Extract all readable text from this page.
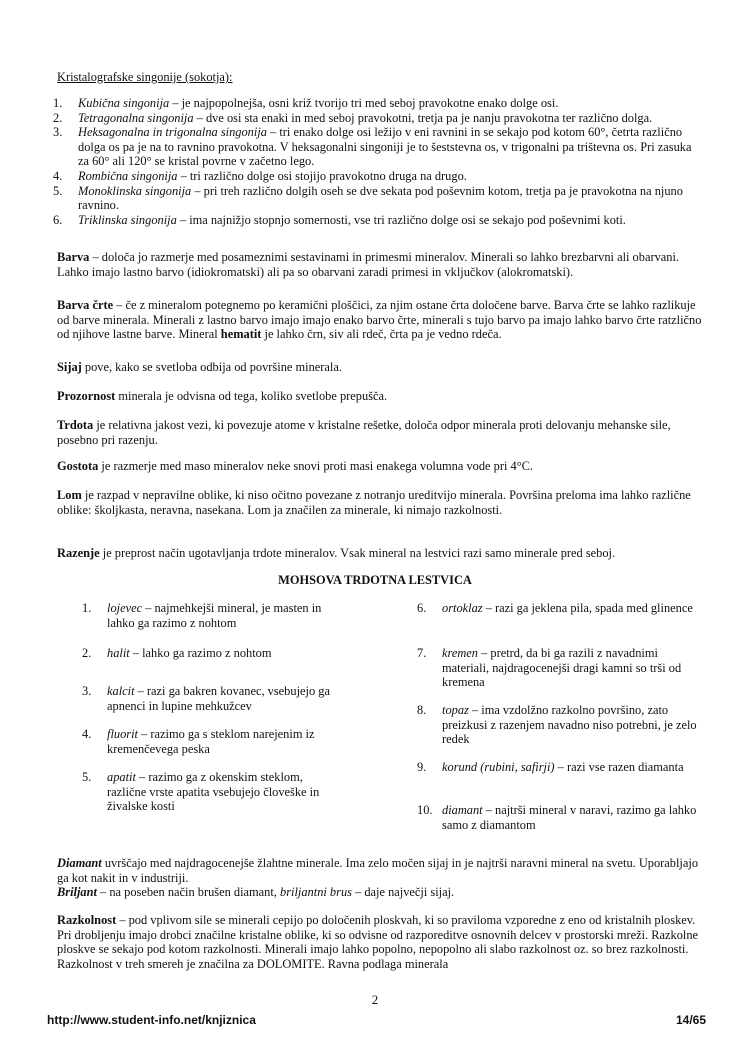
Kristalografske singonije (sokotja):
1. Kubična singonija – je najpopolnejša, osni križ tvorijo tri med seboj pravokotne enako dolge osi.
2. Tetragonalna singonija – dve osi sta enaki in med seboj pravokotni, tretja pa je nanju pravokotna ter različno dolga.
3. Heksagonalna in trigonalna singonija – tri enako dolge osi ležijo v eni ravnini in se sekajo pod kotom 60°, četrta različno dolga os pa je na to ravnino pravokotna. V heksagonalni singoniji je to šeststevna os, v trigonalni pa trištevna os. Pri zasuka za 60° ali 120° se kristal povrne v začetno lego.
4. Rombična singonija – tri različno dolge osi stojijo pravokotno druga na drugo.
5. Monoklinska singonija – pri treh različno dolgih oseh se dve sekata pod poševnim kotom, tretja pa je pravokotna na njuno ravnino.
6. Triklinska singonija – ima najnižjo stopnjo somernosti, vse tri različno dolge osi se sekajo pod poševnimi koti.

Barva – določa jo razmerje med posameznimi sestavinami in primesmi mineralov. Minerali so lahko brezbarvni ali obarvani. Lahko imajo lastno barvo (idiokromatski) ali pa so obarvani zaradi primesi in vključkov (alokromatski).

Barva črte – če z mineralom potegnemo po keramični ploščici, za njim ostane črta določene barve. Barva črte se lahko razlikuje od barve minerala. Minerali z lastno barvo imajo imajo enako barvo črte, minerali s tujo barvo pa imajo lahko barvo črte ratzlično od njihove lastne barve. Mineral hematit je lahko črn, siv ali rdeč, črta pa je vedno rdeča.

Sijaj pove, kako se svetloba odbija od površine minerala.

Prozornost minerala je odvisna od tega, koliko svetlobe prepušča.

Trdota je relativna jakost vezi, ki povezuje atome v kristalne rešetke, določa odpor minerala proti delovanju mehanske sile, posebno pri razenju.

Gostota je razmerje med maso mineralov neke snovi proti masi enakega volumna vode pri 4°C.

Lom je razpad v nepravilne oblike, ki niso očitno povezane z notranjo ureditvijo minerala. Površina preloma ima lahko različne oblike: školjkasta, neravna, nasekana. Lom ja značilen za minerale, ki nimajo razkolnosti.

Razenje je preprost način ugotavljanja trdote mineralov. Vsak mineral na lestvici razi samo minerale pred seboj.

MOHSOVA TRDOTNA LESTVICA
1. lojevec – najmehkejši mineral, je masten in lahko ga razimo z nohtom
2. halit – lahko ga razimo z nohtom
3. kalcit – razi ga bakren kovanec, vsebujejo ga apnenci in lupine mehkužcev
4. fluorit – razimo ga s steklom narejenim iz kremenčevega peska
5. apatit – razimo ga z okenskim steklom, različne vrste apatita vsebujejo človeške in živalske kosti
6. ortoklaz – razi ga jeklena pila, spada med glinence
7. kremen – pretrd, da bi ga razili z navadnimi materiali, najdragocenejši dragi kamni so trši od kremena
8. topaz – ima vzdolžno razkolno površino, zato preizkusi z razenjem navadno niso potrebni, je zelo redek
9. korund (rubini, safirji) – razi vse razen diamanta
10. diamant – najtrši mineral v naravi, razimo ga lahko samo z diamantom

Diamant uvrščajo med najdragocenejše žlahtne minerale. Ima zelo močen sijaj in je najtrši naravni mineral na svetu. Uporabljajo ga kot nakit in v industriji.
Briljant – na poseben način brušen diamant, briljantni brus – daje največji sijaj.

Razkolnost – pod vplivom sile se minerali cepijo po določenih ploskvah, ki so praviloma vzporedne z eno od kristalnih ploskev. Pri drobljenju imajo drobci značilne kristalne oblike, ki so odvisne od razporeditve osnovnih delcev v prostorski mreži. Razkolne ploskve se sekajo pod kotom razkolnosti. Minerali imajo lahko popolno, nepopolno ali slabo razkolnost oz. so brez razkolnosti. Razkolnost v treh smereh je značilna za DOLOMITE. Ravna podlaga minerala

2
http://www.student-info.net/knjiznica	14/65
